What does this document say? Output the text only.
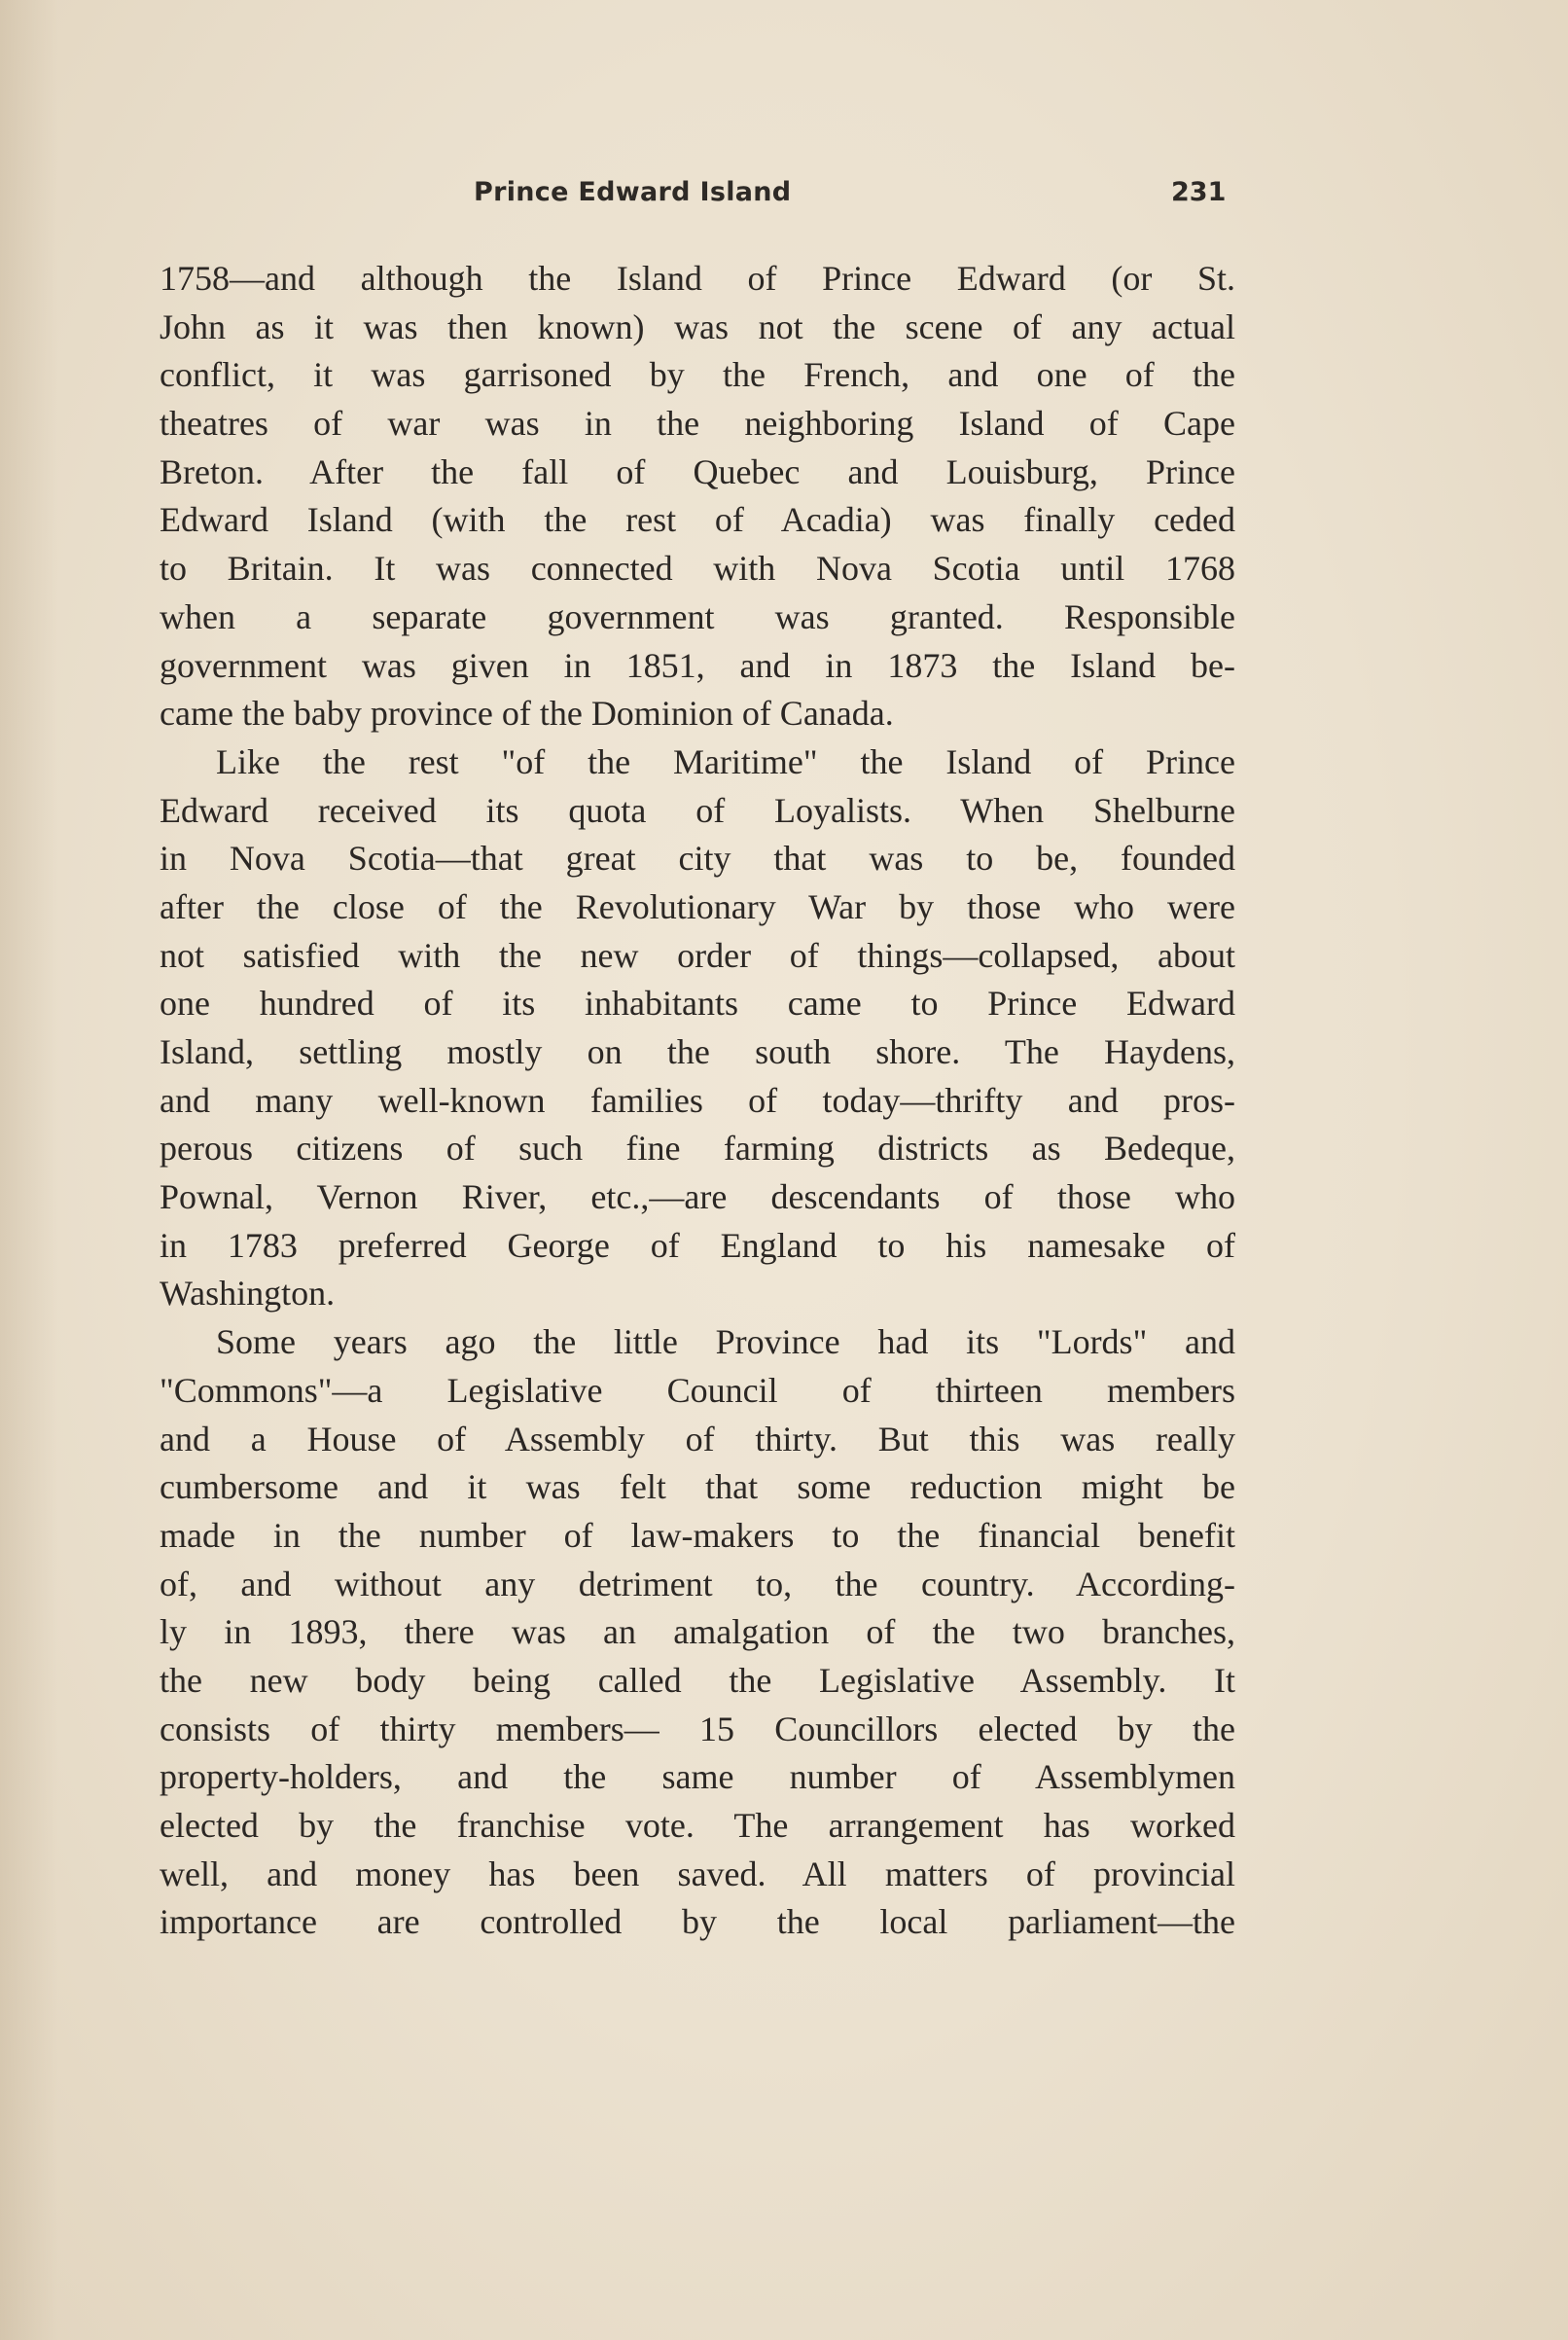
Prince Edward Island	231
1758—and although the Island of Prince Edward (or St.
John as it was then known) was not the scene of any actual
conflict, it was garrisoned by the French, and one of the
theatres of war was in the neighboring Island of Cape
Breton. After the fall of Quebec and Louisburg, Prince
Edward Island (with the rest of Acadia) was finally ceded
to Britain. It was connected with Nova Scotia until 1768
when a separate government was granted. Responsible
government was given in 1851, and in 1873 the Island be-
came the baby province of the Dominion of Canada.
Like the rest "of the Maritime" the Island of Prince
Edward received its quota of Loyalists. When Shelburne
in Nova Scotia—that great city that was to be, founded
after the close of the Revolutionary War by those who were
not satisfied with the new order of things—collapsed, about
one hundred of its inhabitants came to Prince Edward
Island, settling mostly on the south shore. The Haydens,
and many well-known families of today—thrifty and pros-
perous citizens of such fine farming districts as Bedeque,
Pownal, Vernon River, etc.,—are descendants of those who
in 1783 preferred George of England to his namesake of
Washington.
Some years ago the little Province had its "Lords" and
"Commons"—a Legislative Council of thirteen members
and a House of Assembly of thirty. But this was really
cumbersome and it was felt that some reduction might be
made in the number of law-makers to the financial benefit
of, and without any detriment to, the country. According-
ly in 1893, there was an amalgation of the two branches,
the new body being called the Legislative Assembly. It
consists of thirty members— 15 Councillors elected by the
property-holders, and the same number of Assemblymen
elected by the franchise vote. The arrangement has worked
well, and money has been saved. All matters of provincial
importance are controlled by the local parliament—the
